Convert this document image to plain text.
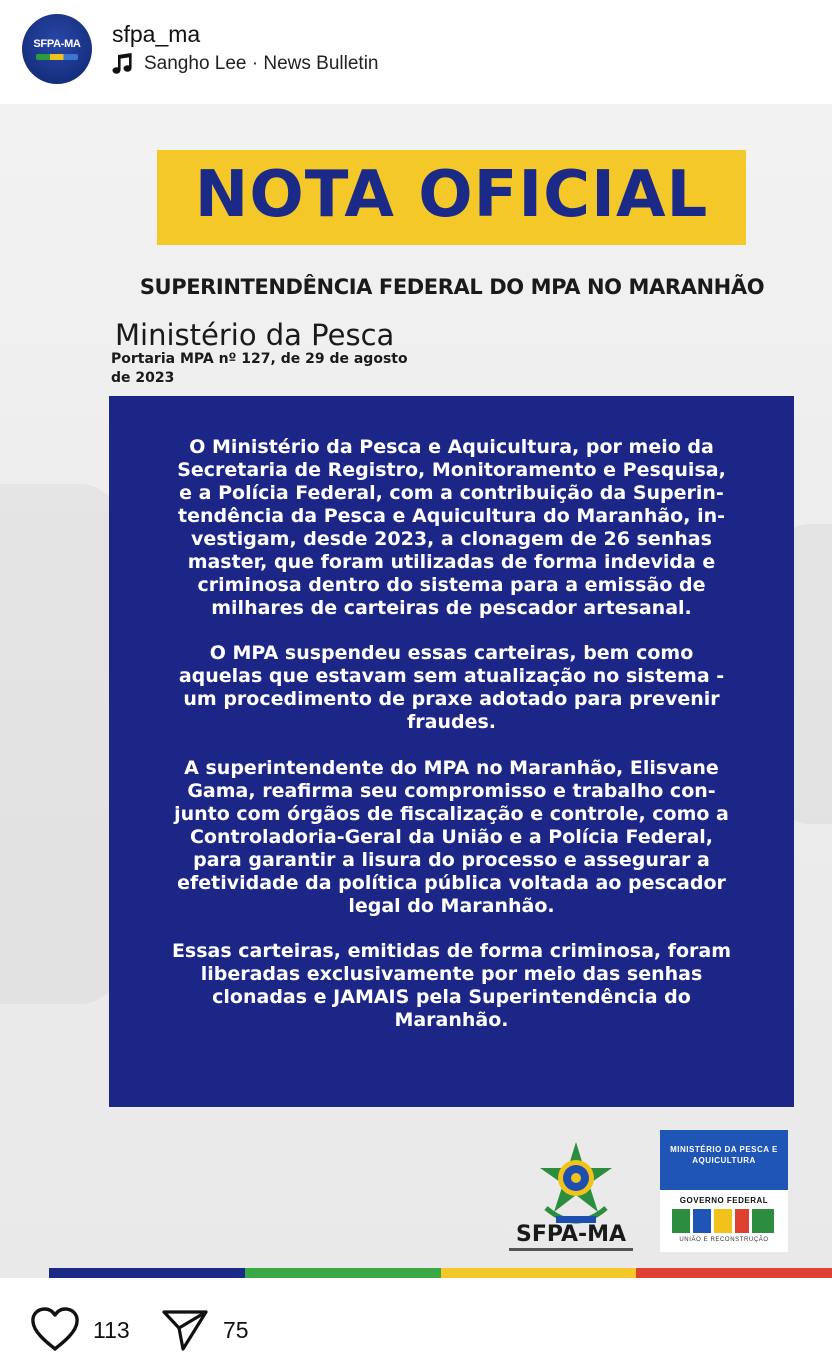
SFPA-MA	sfpa_ma
Sangho Lee · News Bulletin
NOTA OFICIAL
SUPERINTENDÊNCIA FEDERAL DO MPA NO MARANHÃO
Ministério da Pesca
Portaria MPA nº 127, de 29 de agosto de 2023

O Ministério da Pesca e Aquicultura, por meio da Secretaria de Registro, Monitoramento e Pesquisa, e a Polícia Federal, com a contribuição da Superin-tendência da Pesca e Aquicultura do Maranhão, in-vestigam, desde 2023, a clonagem de 26 senhas master, que foram utilizadas de forma indevida e criminosa dentro do sistema para a emissão de milhares de carteiras de pescador artesanal.

O MPA suspendeu essas carteiras, bem como aquelas que estavam sem atualização no sistema - um procedimento de praxe adotado para prevenir fraudes.

A superintendente do MPA no Maranhão, Elisvane Gama, reafirma seu compromisso e trabalho con-junto com órgãos de fiscalização e controle, como a Controladoria-Geral da União e a Polícia Federal, para garantir a lisura do processo e assegurar a efetividade da política pública voltada ao pescador legal do Maranhão.

Essas carteiras, emitidas de forma criminosa, foram liberadas exclusivamente por meio das senhas clonadas e JAMAIS pela Superintendência do Maranhão.

SFPA-MA
MINISTÉRIO DA PESCA E AQUICULTURA
GOVERNO FEDERAL
UNIÃO E RECONSTRUÇÃO
113	75
